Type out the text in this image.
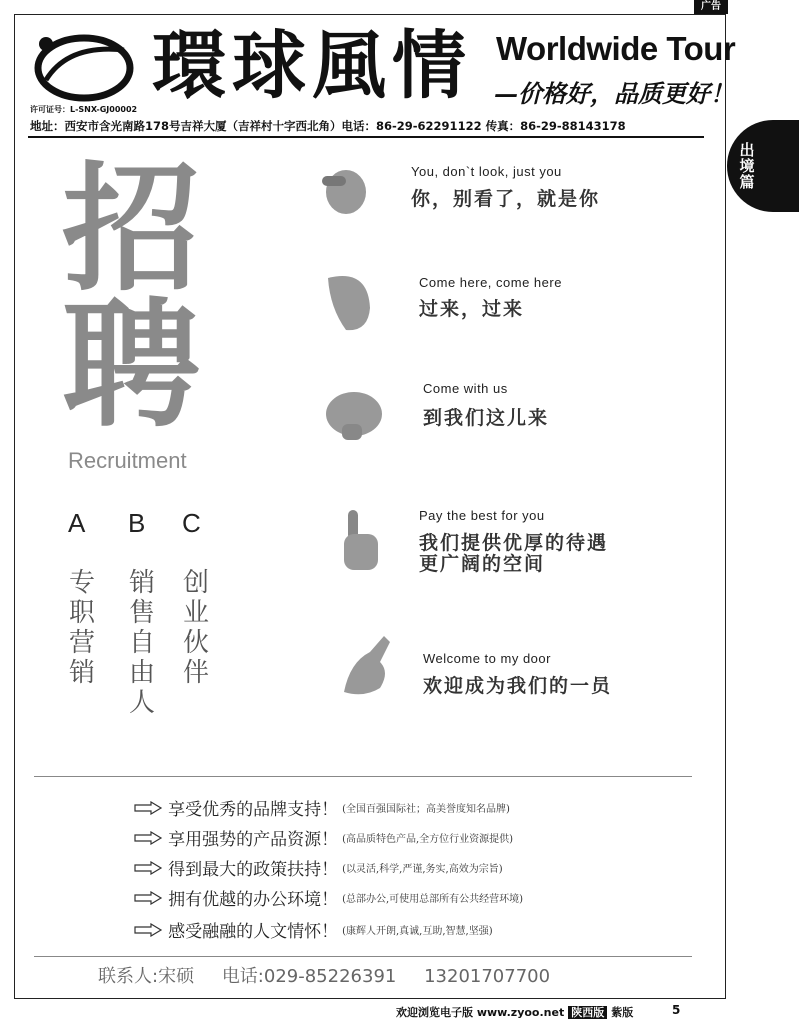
广告
出境篇
環球風情 Worldwide Tour
—价格好，品质更好！
许可证号：L-SNX-GJ00002
地址：西安市含光南路178号吉祥大厦（吉祥村十字西北角）电话：86-29-62291122 传真：86-29-88143178
招
聘
Recruitment
A B C
专职营销
销售自由人
创业伙伴
You, don`t look, just you
你，别看了，就是你
Come here, come here
过来，过来
Come with us
到我们这儿来
Pay the best for you
我们提供优厚的待遇
更广阔的空间
Welcome to my door
欢迎成为我们的一员
享受优秀的品牌支持！ (全国百强国际社；高美誉度知名品牌)
享用强势的产品资源！ (高品质特色产品,全方位行业资源提供)
得到最大的政策扶持！ (以灵活,科学,严谨,务实,高效为宗旨)
拥有优越的办公环境！ (总部办公,可使用总部所有公共经营环境)
感受融融的人文情怀！ (康辉人开朗,真诚,互助,智慧,坚强)
联系人:宋硕 电话:029-85226391 13201707700
欢迎浏览电子版 www.zyoo.net 陕西版 紫版	5
